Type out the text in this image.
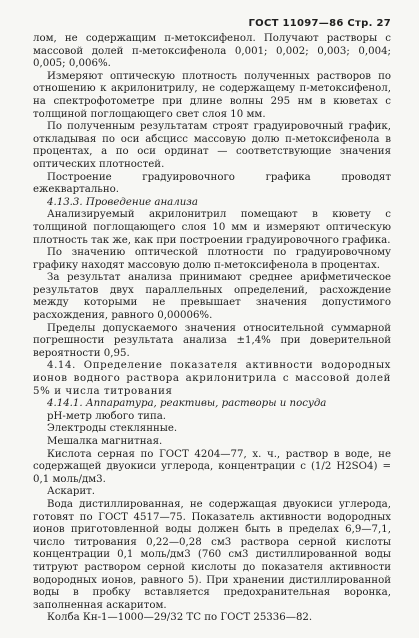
ГОСТ 11097—86 Стр. 27

лом, не содержащим п-метоксифенол. Получают растворы с массовой долей п-метоксифенола 0,001; 0,002; 0,003; 0,004; 0,005; 0,006%.

Измеряют оптическую плотность полученных растворов по отношению к акрилонитрилу, не содержащему п-метоксифенол, на спектрофотометре при длине волны 295 нм в кюветах с толщиной поглощающего свет слоя 10 мм.

По полученным результатам строят градуировочный график, откладывая по оси абсцисс массовую долю п-метоксифенола в процентах, а по оси ординат — соответствующие значения оптических плотностей.

Построение градуировочного графика проводят ежеквартально.

4.13.3. Проведение анализа

Анализируемый акрилонитрил помещают в кювету с толщиной поглощающего слоя 10 мм и измеряют оптическую плотность так же, как при построении градуировочного графика.

По значению оптической плотности по градуировочному графику находят массовую долю п-метоксифенола в процентах.

За результат анализа принимают среднее арифметическое результатов двух параллельных определений, расхождение между которыми не превышает значения допустимого расхождения, равного 0,00006%.

Пределы допускаемого значения относительной суммарной погрешности результата анализа ±1,4% при доверительной вероятности 0,95.

4.14. Определение показателя активности водородных ионов водного раствора акрилонитрила с массовой долей 5% и числа титрования

4.14.1. Аппаратура, реактивы, растворы и посуда

рН-метр любого типа.

Электроды стеклянные.

Мешалка магнитная.

Кислота серная по ГОСТ 4204—77, х. ч., раствор в воде, не содержащей двуокиси углерода, концентрации с (1/2 H2SO4) = 0,1 моль/дм3.

Аскарит.

Вода дистиллированная, не содержащая двуокиси углерода, готовят по ГОСТ 4517—75. Показатель активности водородных ионов приготовленной воды должен быть в пределах 6,9—7,1, число титрования 0,22—0,28 см3 раствора серной кислоты концентрации 0,1 моль/дм3 (760 см3 дистиллированной воды титруют раствором серной кислоты до показателя активности водородных ионов, равного 5). При хранении дистиллированной воды в пробку вставляется предохранительная воронка, заполненная аскаритом.

Колба Кн-1—1000—29/32 ТС по ГОСТ 25336—82.
